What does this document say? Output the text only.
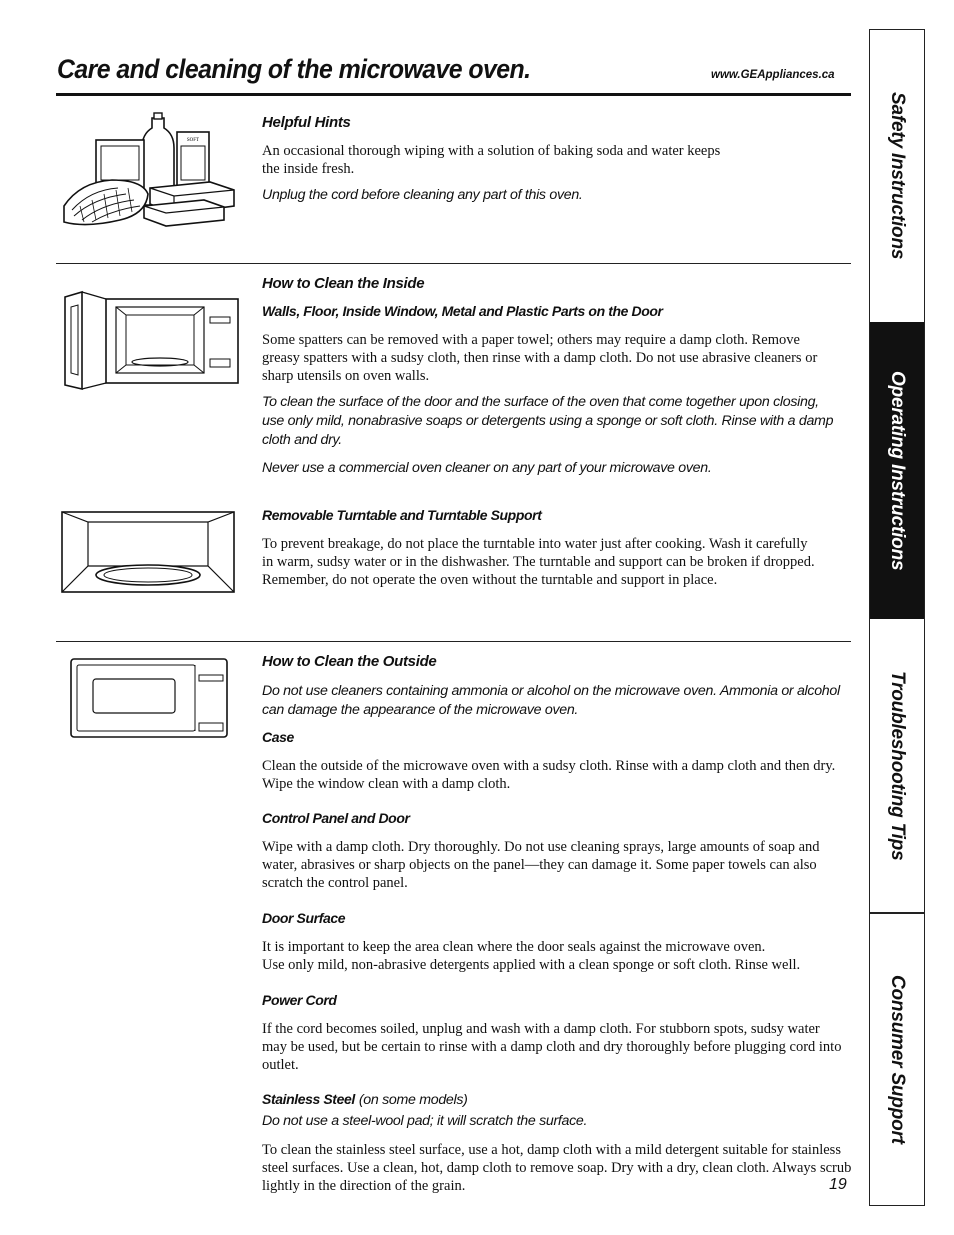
Care and cleaning of the microwave oven.	www.GEAppliances.ca
SOFT
Helpful Hints
An occasional thorough wiping with a solution of baking soda and water keeps
the inside fresh.
Unplug the cord before cleaning any part of this oven.
How to Clean the Inside
Walls, Floor, Inside Window, Metal and Plastic Parts on the Door
Some spatters can be removed with a paper towel; others may require a damp cloth. Remove greasy spatters with a sudsy cloth, then rinse with a damp cloth. Do not use abrasive cleaners or sharp utensils on oven walls.
To clean the surface of the door and the surface of the oven that come together upon closing, use only mild, nonabrasive soaps or detergents using a sponge or soft cloth. Rinse with a damp cloth and dry.
Never use a commercial oven cleaner on any part of your microwave oven.
Removable Turntable and Turntable Support
To prevent breakage, do not place the turntable into water just after cooking. Wash it carefully in warm, sudsy water or in the dishwasher. The turntable and support can be broken if dropped. Remember, do not operate the oven without the turntable and support in place.
How to Clean the Outside
Do not use cleaners containing ammonia or alcohol on the microwave oven. Ammonia or alcohol can damage the appearance of the microwave oven.
Case
Clean the outside of the microwave oven with a sudsy cloth. Rinse with a damp cloth and then dry. Wipe the window clean with a damp cloth.
Control Panel and Door
Wipe with a damp cloth. Dry thoroughly. Do not use cleaning sprays, large amounts of soap and water, abrasives or sharp objects on the panel—they can damage it. Some paper towels can also scratch the control panel.
Door Surface
It is important to keep the area clean where the door seals against the microwave oven.
Use only mild, non-abrasive detergents applied with a clean sponge or soft cloth. Rinse well.
Power Cord
If the cord becomes soiled, unplug and wash with a damp cloth. For stubborn spots, sudsy water may be used, but be certain to rinse with a damp cloth and dry thoroughly before plugging cord into outlet.
Stainless Steel (on some models)
Do not use a steel-wool pad; it will scratch the surface.
To clean the stainless steel surface, use a hot, damp cloth with a mild detergent suitable for stainless steel surfaces. Use a clean, hot, damp cloth to remove soap. Dry with a dry, clean cloth. Always scrub lightly in the direction of the grain.	19
Safety Instructions
Operating Instructions
Troubleshooting Tips
Consumer Support
